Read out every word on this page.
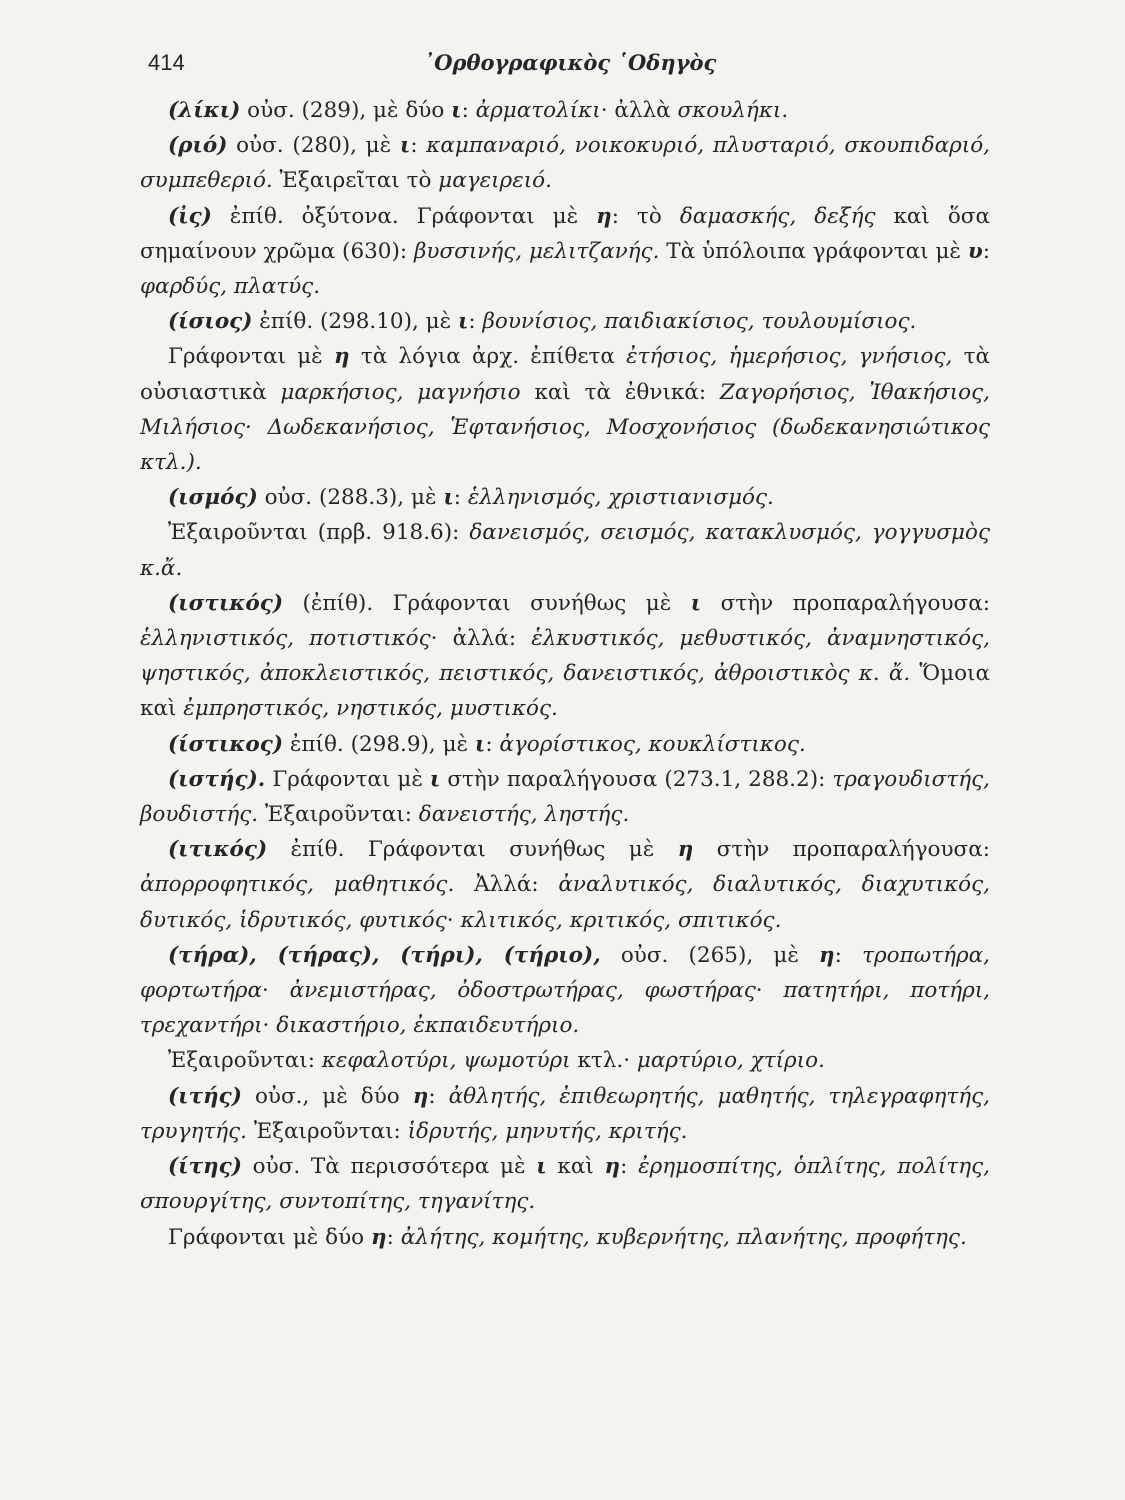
414	᾿Ορθογραφικὸς ῾Οδηγὸς

(λίκι) οὐσ. (289), μὲ δύο ι: ἀρματολίκι· ἀλλὰ σκουλήκι.

(ριό) οὐσ. (280), μὲ ι: καμπαναριό, νοικοκυριό, πλυσταριό, σκουπιδαριό, συμπεθεριό. Ἐξαιρεῖται τὸ μαγειρειό.

(ἰς) ἐπίθ. ὀξύτονα. Γράφονται μὲ η: τὸ δαμασκής, δεξής καὶ ὅσα σημαίνουν χρῶμα (630): βυσσινής, μελιτζανής. Τὰ ὑπόλοιπα γράφονται μὲ υ: φαρδύς, πλατύς.

(ίσιος) ἐπίθ. (298.10), μὲ ι: βουνίσιος, παιδιακίσιος, τουλουμίσιος.

Γράφονται μὲ η τὰ λόγια ἀρχ. ἐπίθετα ἐτήσιος, ἡμερήσιος, γνήσιος, τὰ οὐσιαστικὰ μαρκήσιος, μαγνήσιο καὶ τὰ ἐθνικά: Ζαγορήσιος, Ἰθακήσιος, Μιλήσιος· Δωδεκανήσιος, Ἑφτανήσιος, Μοσχονήσιος (δωδεκανησιώτικος κτλ.).

(ισμός) οὐσ. (288.3), μὲ ι: ἑλληνισμός, χριστιανισμός.

Ἐξαιροῦνται (πρβ. 918.6): δανεισμός, σεισμός, κατακλυσμός, γογγυσμὸς κ.ἄ.

(ιστικός) (ἐπίθ). Γράφονται συνήθως μὲ ι στὴν προπαραλήγουσα: ἑλληνιστικός, ποτιστικός· ἀλλά: ἑλκυστικός, μεθυστικός, ἀναμνηστικός, ψηστικός, ἀποκλειστικός, πειστικός, δανειστικός, ἀθροιστικὸς κ. ἄ. Ὅμοια καὶ ἐμπρηστικός, νηστικός, μυστικός.

(ίστικος) ἐπίθ. (298.9), μὲ ι: ἀγορίστικος, κουκλίστικος.

(ιστής). Γράφονται μὲ ι στὴν παραλήγουσα (273.1, 288.2): τραγουδιστής, βουδιστής. Ἐξαιροῦνται: δανειστής, ληστής.

(ιτικός) ἐπίθ. Γράφονται συνήθως μὲ η στὴν προπαραλήγουσα: ἀπορροφητικός, μαθητικός. Ἀλλά: ἀναλυτικός, διαλυτικός, διαχυτικός, δυτικός, ἱδρυτικός, φυτικός· κλιτικός, κριτικός, σπιτικός.

(τήρα), (τήρας), (τήρι), (τήριο), οὐσ. (265), μὲ η: τροπωτήρα, φορτωτήρα· ἀνεμιστήρας, ὀδοστρωτήρας, φωστήρας· πατητήρι, ποτήρι, τρεχαντήρι· δικαστήριο, ἐκπαιδευτήριο.

Ἐξαιροῦνται: κεφαλοτύρι, ψωμοτύρι κτλ.· μαρτύριο, χτίριο.

(ιτής) οὐσ., μὲ δύο η: ἀθλητής, ἐπιθεωρητής, μαθητής, τηλεγραφητής, τρυγητής. Ἐξαιροῦνται: ἱδρυτής, μηνυτής, κριτής.

(ίτης) οὐσ. Τὰ περισσότερα μὲ ι καὶ η: ἐρημοσπίτης, ὁπλίτης, πολίτης, σπουργίτης, συντοπίτης, τηγανίτης.

Γράφονται μὲ δύο η: ἀλήτης, κομήτης, κυβερνήτης, πλανήτης, προφήτης.
